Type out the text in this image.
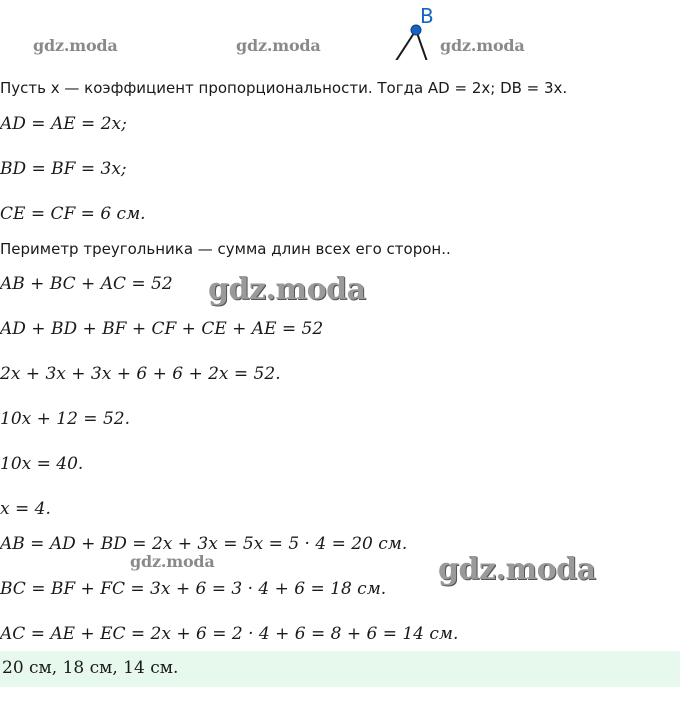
gdz.moda	gdz.moda	gdz.moda
B
Пусть x — коэффициент пропорциональности. Тогда AD = 2x; DB = 3x.
AD = AE = 2x;
BD = BF = 3x;
CE = CF = 6 см.
Периметр треугольника — сумма длин всех его сторон..
AB + BC + AC = 52 gdz.moda
AD + BD + BF + CF + CE + AE = 52
2x + 3x + 3x + 6 + 6 + 2x = 52.
10x + 12 = 52.
10x = 40.
x = 4.
AB = AD + BD = 2x + 3x = 5x = 5 · 4 = 20 см.
gdz.moda
BC = BF + FC = 3x + 6 = 3 · 4 + 6 = 18 см.
gdz.moda
AC = AE + EC = 2x + 6 = 2 · 4 + 6 = 8 + 6 = 14 см.
20 см, 18 см, 14 см.
